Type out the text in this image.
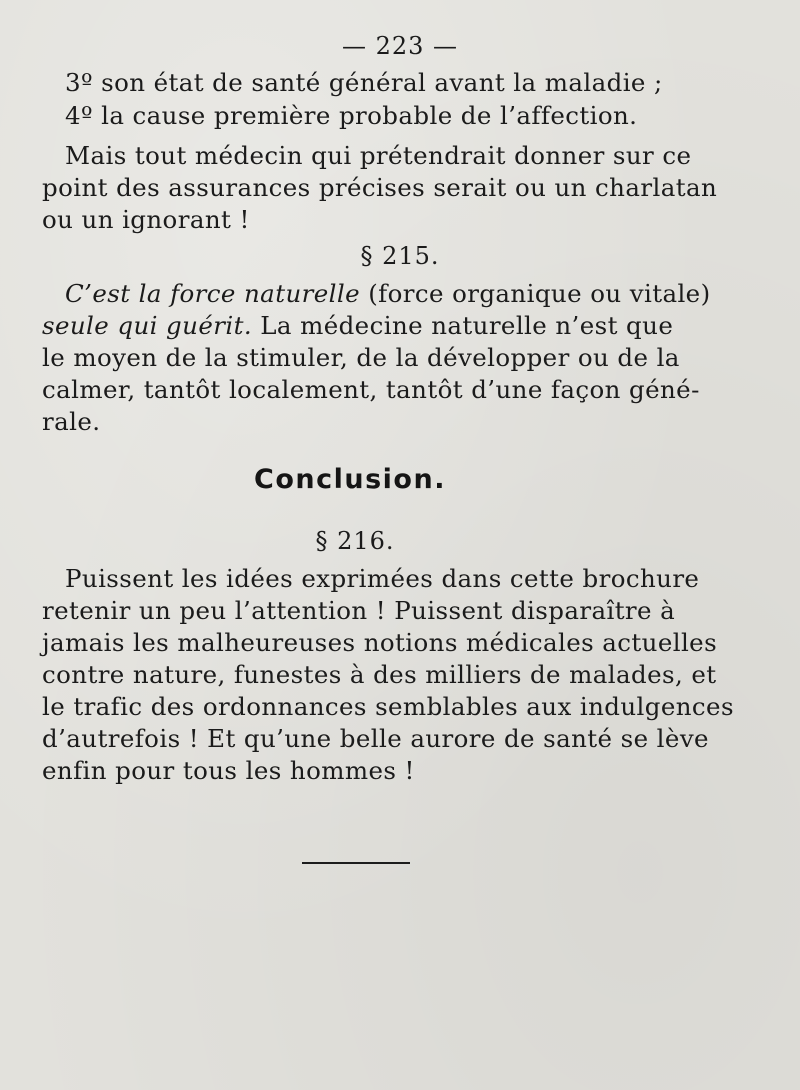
— 223 —
3º son état de santé général avant la maladie ;
4º la cause première probable de l’affection.
Mais tout médecin qui prétendrait donner sur ce
point des assurances précises serait ou un charlatan
ou un ignorant !
§ 215.
C’est la force naturelle (force organique ou vitale)
seule qui guérit. La médecine naturelle n’est que
le moyen de la stimuler, de la développer ou de la
calmer, tantôt localement, tantôt d’une façon géné-
rale.
Conclusion.
§ 216.
Puissent les idées exprimées dans cette brochure
retenir un peu l’attention ! Puissent disparaître à
jamais les malheureuses notions médicales actuelles
contre nature, funestes à des milliers de malades, et
le trafic des ordonnances semblables aux indulgences
d’autrefois ! Et qu’une belle aurore de santé se lève
enfin pour tous les hommes !
